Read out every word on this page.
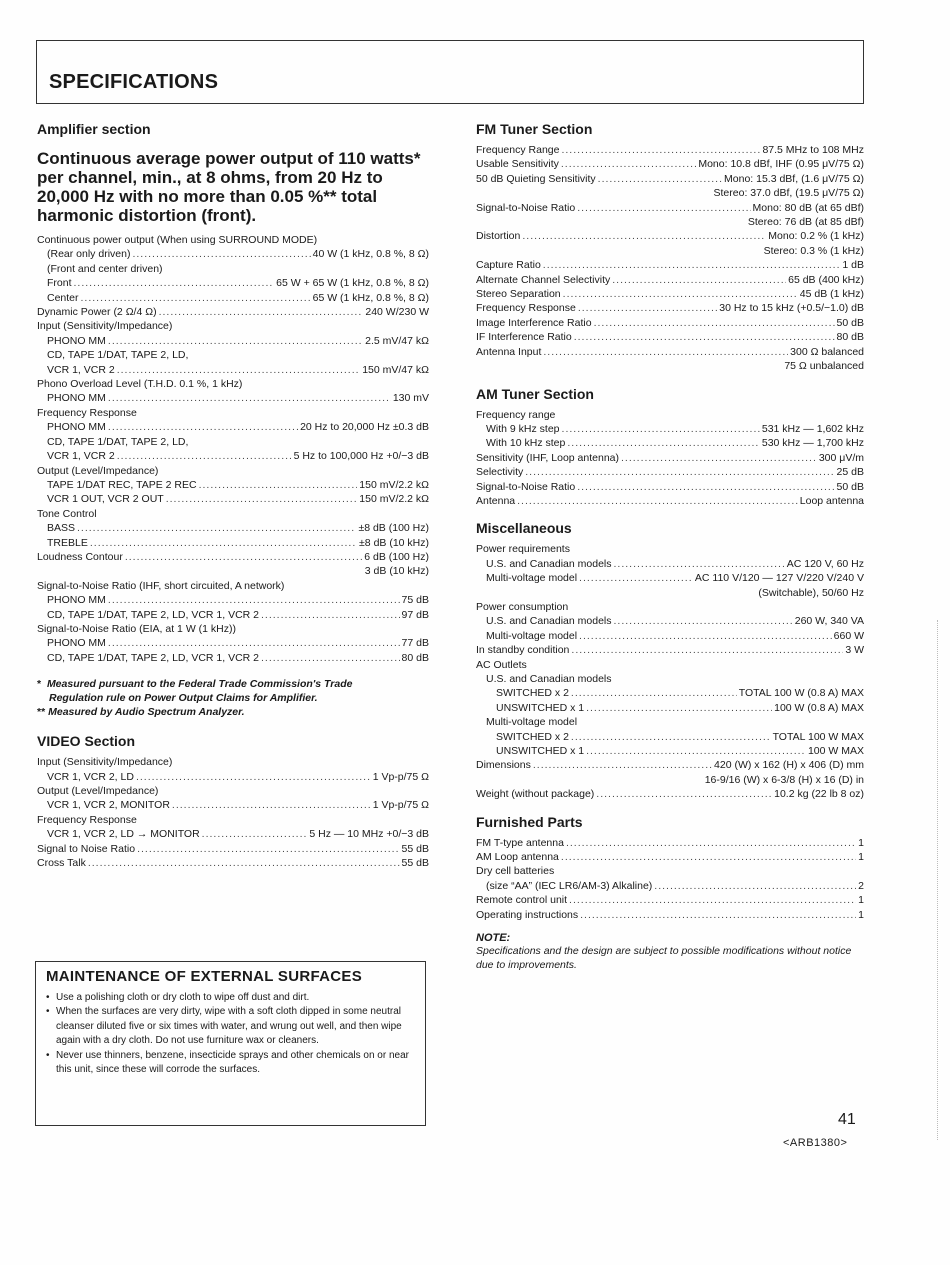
SPECIFICATIONS
Amplifier section
Continuous average power output of 110 watts* per channel, min., at 8 ohms, from 20 Hz to 20,000 Hz with no more than 0.05 %** total harmonic distortion (front).
Continuous power output (When using SURROUND MODE)
(Rear only driven) .....	40 W (1 kHz, 0.8 %, 8 Ω)
(Front and center driven)
Front .....	65 W + 65 W (1 kHz, 0.8 %, 8 Ω)
Center .....	65 W (1 kHz, 0.8 %, 8 Ω)
Dynamic Power (2 Ω/4 Ω) .....	240 W/230 W
Input (Sensitivity/Impedance)
PHONO MM .....	2.5 mV/47 kΩ
CD, TAPE 1/DAT, TAPE 2, LD,
VCR 1, VCR 2 .....	150 mV/47 kΩ
Phono Overload Level (T.H.D. 0.1 %, 1 kHz)
PHONO MM .....	130 mV
Frequency Response
PHONO MM .....	20 Hz to 20,000 Hz ±0.3 dB
CD, TAPE 1/DAT, TAPE 2, LD,
VCR 1, VCR 2 .....	5 Hz to 100,000 Hz +0/−3 dB
Output (Level/Impedance)
TAPE 1/DAT REC, TAPE 2 REC .....	150 mV/2.2 kΩ
VCR 1 OUT, VCR 2 OUT .....	150 mV/2.2 kΩ
Tone Control
BASS .....	±8 dB (100 Hz)
TREBLE .....	±8 dB (10 kHz)
Loudness Contour .....	6 dB (100 Hz)
3 dB (10 kHz)
Signal-to-Noise Ratio (IHF, short circuited, A network)
PHONO MM .....	75 dB
CD, TAPE 1/DAT, TAPE 2, LD, VCR 1, VCR 2 .....	97 dB
Signal-to-Noise Ratio (EIA, at 1 W (1 kHz))
PHONO MM .....	77 dB
CD, TAPE 1/DAT, TAPE 2, LD, VCR 1, VCR 2 .....	80 dB
* Measured pursuant to the Federal Trade Commission's Trade
Regulation rule on Power Output Claims for Amplifier.
** Measured by Audio Spectrum Analyzer.
VIDEO Section
Input (Sensitivity/Impedance)
VCR 1, VCR 2, LD .....	1 Vp-p/75 Ω
Output (Level/Impedance)
VCR 1, VCR 2, MONITOR .....	1 Vp-p/75 Ω
Frequency Response
VCR 1, VCR 2, LD → MONITOR .....	5 Hz — 10 MHz +0/−3 dB
Signal to Noise Ratio .....	55 dB
Cross Talk .....	55 dB
MAINTENANCE OF EXTERNAL SURFACES
• Use a polishing cloth or dry cloth to wipe off dust and dirt.
• When the surfaces are very dirty, wipe with a soft cloth dipped in some neutral cleanser diluted five or six times with water, and wrung out well, and then wipe again with a dry cloth. Do not use furniture wax or cleaners.
• Never use thinners, benzene, insecticide sprays and other chemicals on or near this unit, since these will corrode the surfaces.
FM Tuner Section
Frequency Range .....	87.5 MHz to 108 MHz
Usable Sensitivity .....	Mono: 10.8 dBf, IHF (0.95 μV/75 Ω)
50 dB Quieting Sensitivity .....	Mono: 15.3 dBf, (1.6 μV/75 Ω)
Stereo: 37.0 dBf, (19.5 μV/75 Ω)
Signal-to-Noise Ratio .....	Mono: 80 dB (at 65 dBf)
Stereo: 76 dB (at 85 dBf)
Distortion .....	Mono: 0.2 % (1 kHz)
Stereo: 0.3 % (1 kHz)
Capture Ratio .....	1 dB
Alternate Channel Selectivity .....	65 dB (400 kHz)
Stereo Separation .....	45 dB (1 kHz)
Frequency Response .....	30 Hz to 15 kHz (+0.5/−1.0) dB
Image Interference Ratio .....	50 dB
IF Interference Ratio .....	80 dB
Antenna Input .....	300 Ω balanced
75 Ω unbalanced
AM Tuner Section
Frequency range
With 9 kHz step .....	531 kHz — 1,602 kHz
With 10 kHz step .....	530 kHz — 1,700 kHz
Sensitivity (IHF, Loop antenna) .....	300 μV/m
Selectivity .....	25 dB
Signal-to-Noise Ratio .....	50 dB
Antenna .....	Loop antenna
Miscellaneous
Power requirements
U.S. and Canadian models .....	AC 120 V, 60 Hz
Multi-voltage model .....	AC 110 V/120 — 127 V/220 V/240 V
(Switchable), 50/60 Hz
Power consumption
U.S. and Canadian models .....	260 W, 340 VA
Multi-voltage model .....	660 W
In standby condition .....	3 W
AC Outlets
U.S. and Canadian models
SWITCHED x 2 .....	TOTAL 100 W (0.8 A) MAX
UNSWITCHED x 1 .....	100 W (0.8 A) MAX
Multi-voltage model
SWITCHED x 2 .....	TOTAL 100 W MAX
UNSWITCHED x 1 .....	100 W MAX
Dimensions .....	420 (W) x 162 (H) x 406 (D) mm
16-9/16 (W) x 6-3/8 (H) x 16 (D) in
Weight (without package) .....	10.2 kg (22 lb 8 oz)
Furnished Parts
FM T-type antenna .....	1
AM Loop antenna .....	1
Dry cell batteries
(size “AA” (IEC LR6/AM-3) Alkaline) .....	2
Remote control unit .....	1
Operating instructions .....	1
NOTE:
Specifications and the design are subject to possible modifications without notice due to improvements.
41
<ARB1380>
